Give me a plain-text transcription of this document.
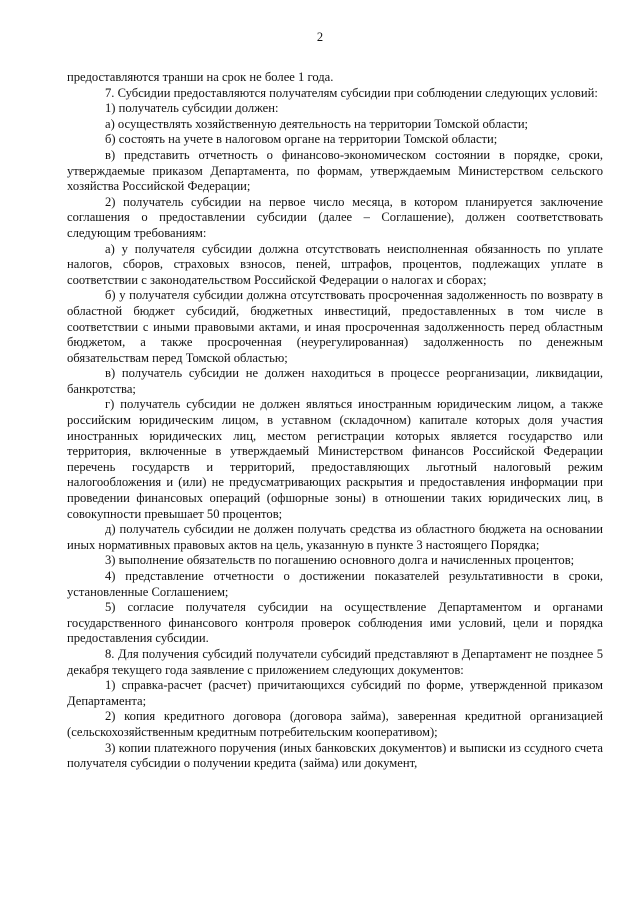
2

предоставляются транши на срок не более 1 года.

7. Субсидии предоставляются получателям субсидии при соблюдении следующих условий:

1) получатель субсидии должен:

а) осуществлять хозяйственную деятельность на территории Томской области;

б) состоять на учете в налоговом органе на территории Томской области;

в) представить отчетность о финансово-экономическом состоянии в порядке, сроки, утверждаемые приказом Департамента, по формам, утверждаемым Министерством сельского хозяйства Российской Федерации;

2) получатель субсидии на первое число месяца, в котором планируется заключение соглашения о предоставлении субсидии (далее – Соглашение), должен соответствовать следующим требованиям:

а) у получателя субсидии должна отсутствовать неисполненная обязанность по уплате налогов, сборов, страховых взносов, пеней, штрафов, процентов, подлежащих уплате в соответствии с законодательством Российской Федерации о налогах и сборах;

б) у получателя субсидии должна отсутствовать просроченная задолженность по возврату в областной бюджет субсидий, бюджетных инвестиций, предоставленных в том числе в соответствии с иными правовыми актами, и иная просроченная задолженность перед областным бюджетом, а также просроченная (неурегулированная) задолженность по денежным обязательствам перед Томской областью;

в) получатель субсидии не должен находиться в процессе реорганизации, ликвидации, банкротства;

г) получатель субсидии не должен являться иностранным юридическим лицом, а также российским юридическим лицом, в уставном (складочном) капитале которых доля участия иностранных юридических лиц, местом регистрации которых является государство или территория, включенные в утверждаемый Министерством финансов Российской Федерации перечень государств и территорий, предоставляющих льготный налоговый режим налогообложения и (или) не предусматривающих раскрытия и предоставления информации при проведении финансовых операций (офшорные зоны) в отношении таких юридических лиц, в совокупности превышает 50 процентов;

д) получатель субсидии не должен получать средства из областного бюджета на основании иных нормативных правовых актов на цель, указанную в пункте 3 настоящего Порядка;

3) выполнение обязательств по погашению основного долга и начисленных процентов;

4) представление отчетности о достижении показателей результативности в сроки, установленные Соглашением;

5) согласие получателя субсидии на осуществление Департаментом и органами государственного финансового контроля проверок соблюдения ими условий, цели и порядка предоставления субсидии.

8. Для получения субсидий получатели субсидий представляют в Департамент не позднее 5 декабря текущего года заявление с приложением следующих документов:

1) справка-расчет (расчет) причитающихся субсидий по форме, утвержденной приказом Департамента;

2) копия кредитного договора (договора займа), заверенная кредитной организацией (сельскохозяйственным кредитным потребительским кооперативом);

3) копии платежного поручения (иных банковских документов) и выписки из ссудного счета получателя субсидии о получении кредита (займа) или документ,
